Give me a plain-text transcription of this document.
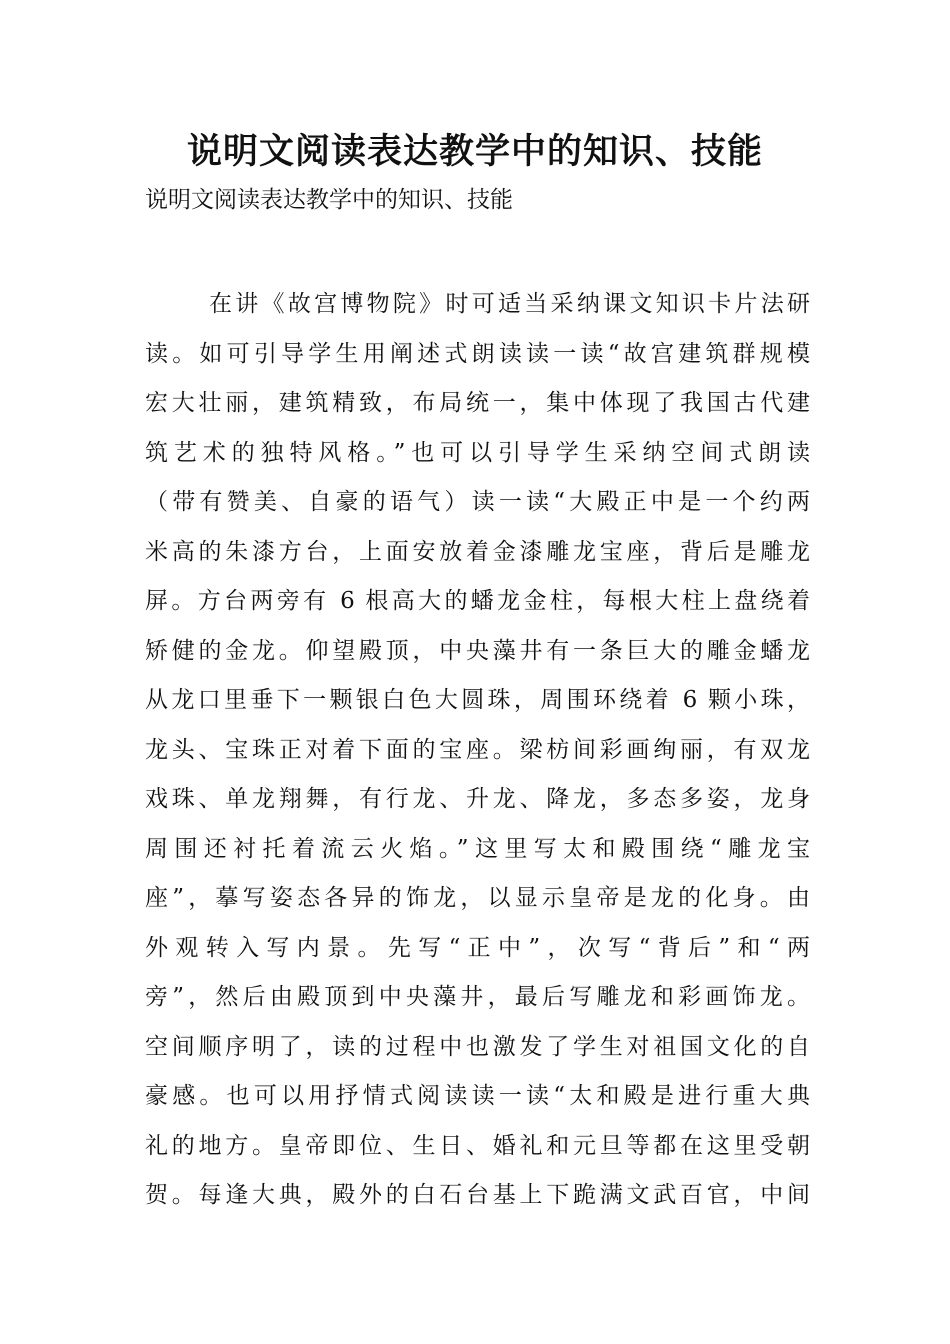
说明文阅读表达教学中的知识、技能
说明文阅读表达教学中的知识、技能
在讲《故宫博物院》时可适当采纳课文知识卡片法研
读。如可引导学生用阐述式朗读读一读“故宫建筑群规模
宏大壮丽，建筑精致，布局统一，集中体现了我国古代建
筑艺术的独特风格。”也可以引导学生采纳空间式朗读
（带有赞美、自豪的语气）读一读“大殿正中是一个约两
米高的朱漆方台，上面安放着金漆雕龙宝座，背后是雕龙
屏。方台两旁有 6 根高大的蟠龙金柱，每根大柱上盘绕着
矫健的金龙。仰望殿顶，中央藻井有一条巨大的雕金蟠龙
从龙口里垂下一颗银白色大圆珠，周围环绕着 6 颗小珠，
龙头、宝珠正对着下面的宝座。梁枋间彩画绚丽，有双龙
戏珠、单龙翔舞，有行龙、升龙、降龙，多态多姿，龙身
周围还衬托着流云火焰。”这里写太和殿围绕“雕龙宝
座”，摹写姿态各异的饰龙，以显示皇帝是龙的化身。由
外观转入写内景。先写“正中”，次写“背后”和“两
旁”，然后由殿顶到中央藻井，最后写雕龙和彩画饰龙。
空间顺序明了，读的过程中也激发了学生对祖国文化的自
豪感。也可以用抒情式阅读读一读“太和殿是进行重大典
礼的地方。皇帝即位、生日、婚礼和元旦等都在这里受朝
贺。每逢大典，殿外的白石台基上下跪满文武百官，中间
